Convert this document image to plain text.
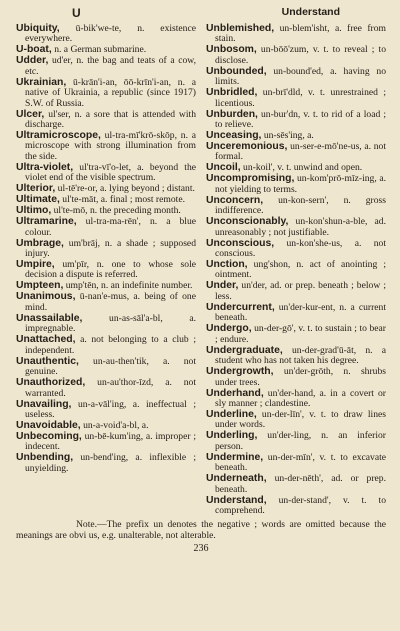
U	Understand

Ubiquity, ū-bik'we-te, n. existence everywhere.

U-boat, n. a German submarine.

Udder, ud'er, n. the bag and teats of a cow, etc.

Ukrainian, ū-krān'i-an, ōō-krīn'i-an, n. a native of Ukrainia, a republic (since 1917) S.W. of Russia.

Ulcer, ul'ser, n. a sore that is attended with discharge.

Ultramicroscope, ul-tra-mī'krō-skōp, n. a microscope with strong illumination from the side.

Ultra-violet, ul'tra-vī'o-let, a. beyond the violet end of the visible spectrum.

Ulterior, ul-tē're-or, a. lying beyond ; distant.

Ultimate, ul'te-māt, a. final ; most remote.

Ultimo, ul'te-mō, n. the preceding month.

Ultramarine, ul-tra-ma-rēn', n. a blue colour.

Umbrage, um'brāj, n. a shade ; supposed injury.

Umpire, um'pīr, n. one to whose sole decision a dispute is referred.

Umpteen, ump'tēn, n. an indefinite number.

Unanimous, ū-nan'e-mus, a. being of one mind.

Unassailable, un-as-sāl'a-bl, a. impregnable.

Unattached, a. not belonging to a club ; independent.

Unauthentic, un-au-then'tik, a. not genuine.

Unauthorized, un-au'thor-īzd, a. not warranted.

Unavailing, un-a-vāl'ing, a. ineffectual ; useless.

Unavoidable, un-a-void'a-bl, a.

Unbecoming, un-bē-kum'ing, a. improper ; indecent.

Unbending, un-bend'ing, a. inflexible ; unyielding.

Unblemished, un-blem'isht, a. free from stain.

Unbosom, un-bōō'zum, v. t. to reveal ; to disclose.

Unbounded, un-bound'ed, a. having no limits.

Unbridled, un-brī'dld, v. t. unrestrained ; licentious.

Unburden, un-bur'dn, v. t. to rid of a load ; to relieve.

Unceasing, un-sēs'ing, a.

Unceremonious, un-ser-e-mō'ne-us, a. not formal.

Uncoil, un-koil', v. t. unwind and open.

Uncompromising, un-kom'prō-mīz-ing, a. not yielding to terms.

Unconcern, un-kon-sern', n. gross indifference.

Unconscionably, un-kon'shun-a-ble, ad. unreasonably ; not justifiable.

Unconscious, un-kon'she-us, a. not conscious.

Unction, ung'shon, n. act of anointing ; ointment.

Under, un'der, ad. or prep. beneath ; below ; less.

Undercurrent, un'der-kur-ent, n. a current beneath.

Undergo, un-der-gō', v. t. to sustain ; to bear ; endure.

Undergraduate, un-der-grad'ū-āt, n. a student who has not taken his degree.

Undergrowth, un'der-grōth, n. shrubs under trees.

Underhand, un'der-hand, a. in a covert or sly manner ; clandestine.

Underline, un-der-līn', v. t. to draw lines under words.

Underling, un'der-ling, n. an inferior person.

Undermine, un-der-mīn', v. t. to excavate beneath.

Underneath, un-der-nēth', ad. or prep. beneath.

Understand, un-der-stand', v. t. to comprehend.

Note.—The prefix un denotes the negative ; words are omitted because the meanings are obvi us, e.g. unalterable, not alterable.
236
